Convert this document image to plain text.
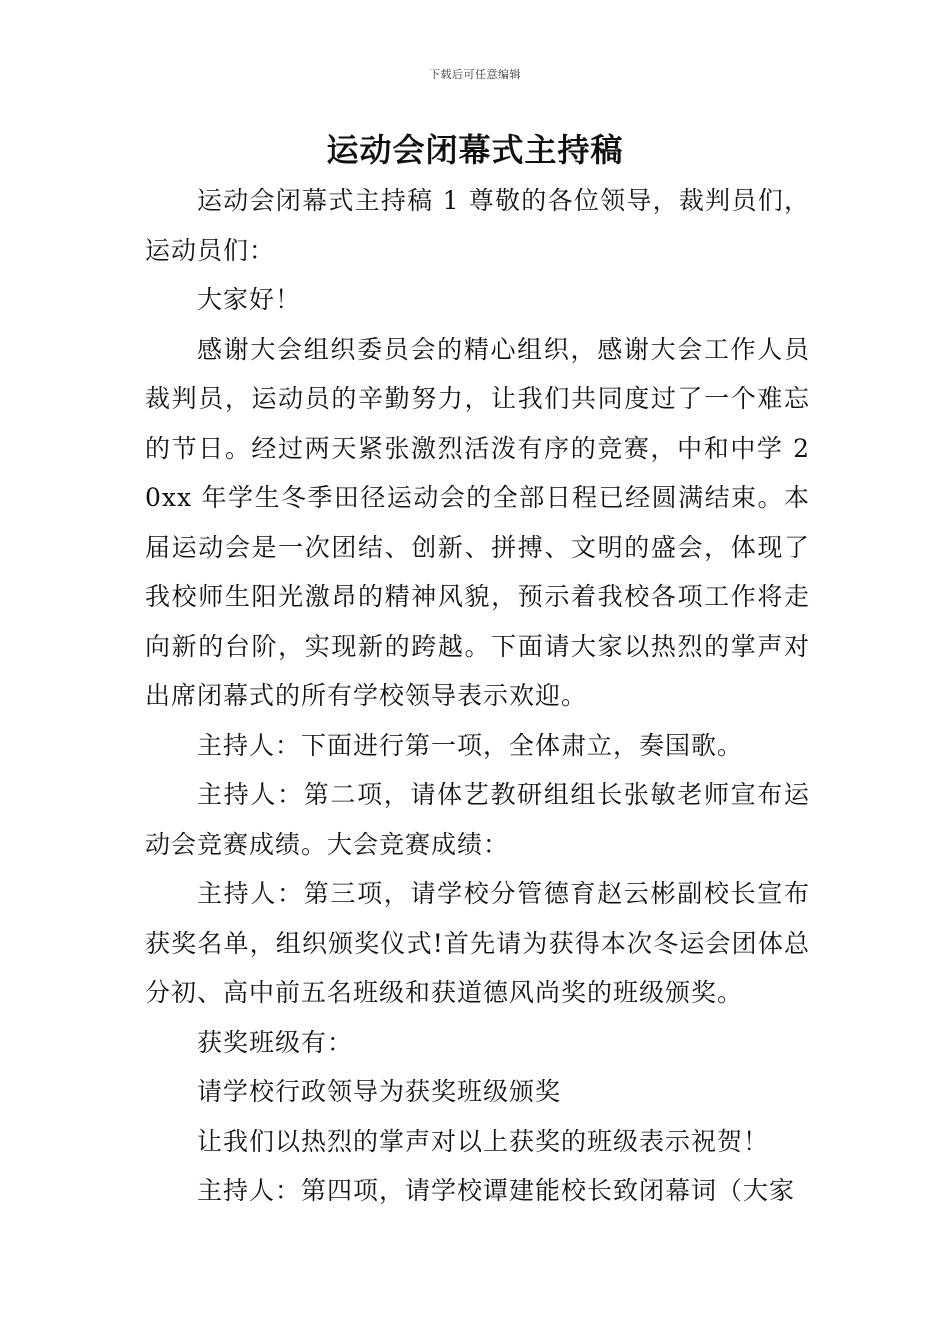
下载后可任意编辑
运动会闭幕式主持稿

运动会闭幕式主持稿 1 尊敬的各位领导，裁判员们，运动员们：

大家好！

感谢大会组织委员会的精心组织，感谢大会工作人员裁判员，运动员的辛勤努力，让我们共同度过了一个难忘的节日。经过两天紧张激烈活泼有序的竞赛，中和中学 20xx 年学生冬季田径运动会的全部日程已经圆满结束。本届运动会是一次团结、创新、拼搏、文明的盛会，体现了我校师生阳光激昂的精神风貌，预示着我校各项工作将走向新的台阶，实现新的跨越。下面请大家以热烈的掌声对出席闭幕式的所有学校领导表示欢迎。

主持人：下面进行第一项，全体肃立，奏国歌。

主持人：第二项，请体艺教研组组长张敏老师宣布运动会竞赛成绩。大会竞赛成绩：

主持人：第三项，请学校分管德育赵云彬副校长宣布获奖名单，组织颁奖仪式!首先请为获得本次冬运会团体总分初、高中前五名班级和获道德风尚奖的班级颁奖。

获奖班级有：

请学校行政领导为获奖班级颁奖

让我们以热烈的掌声对以上获奖的班级表示祝贺！

主持人：第四项，请学校谭建能校长致闭幕词（大家
